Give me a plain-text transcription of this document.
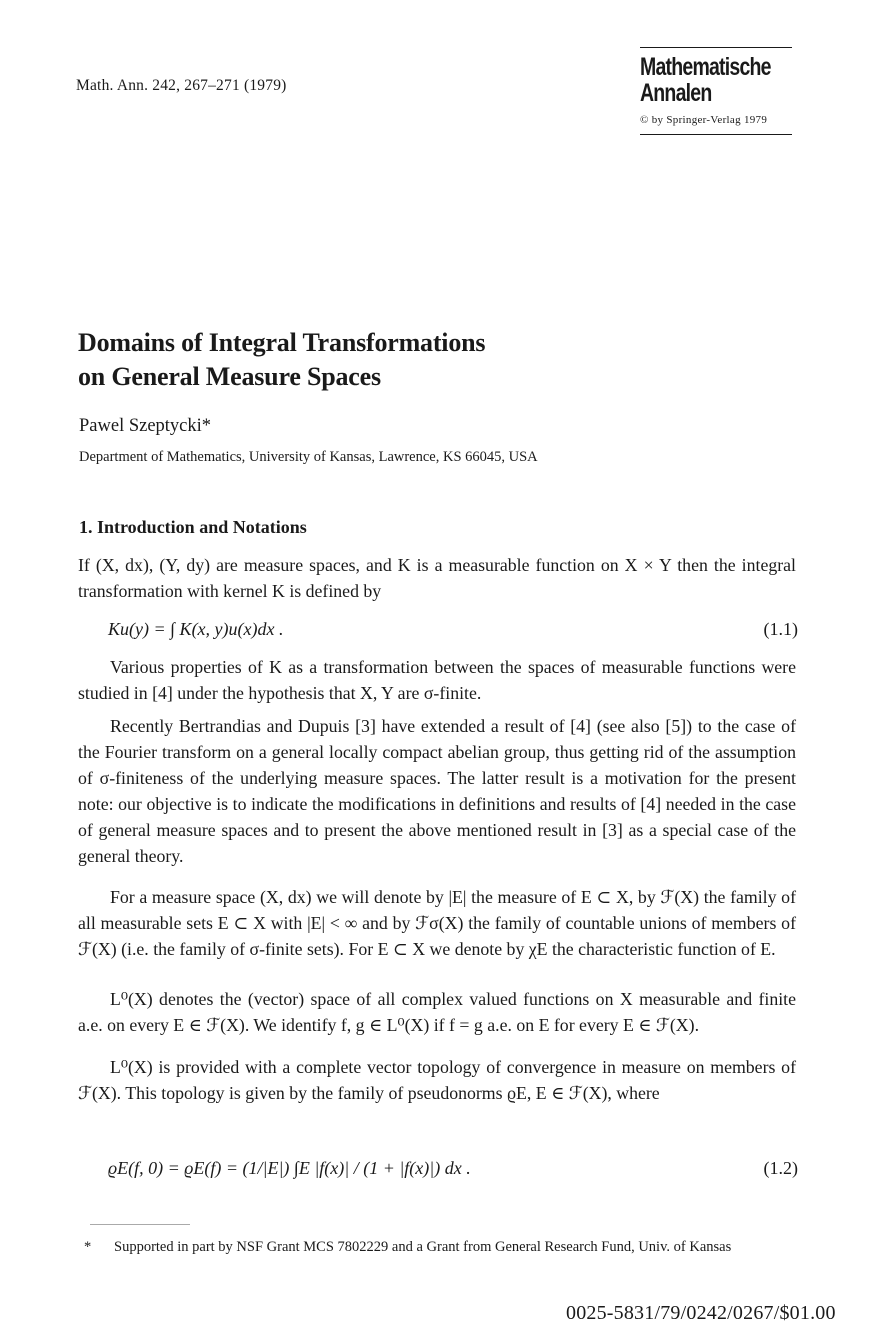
Math. Ann. 242, 267–271 (1979)
Mathematische
Annalen
© by Springer-Verlag 1979
Domains of Integral Transformations
on General Measure Spaces
Pawel Szeptycki*
Department of Mathematics, University of Kansas, Lawrence, KS 66045, USA
1. Introduction and Notations

If (X, dx), (Y, dy) are measure spaces, and K is a measurable function on X × Y then the integral transformation with kernel K is defined by

Ku(y) = ∫ K(x, y)u(x)dx .	(1.1)

Various properties of K as a transformation between the spaces of measurable functions were studied in [4] under the hypothesis that X, Y are σ-finite.

Recently Bertrandias and Dupuis [3] have extended a result of [4] (see also [5]) to the case of the Fourier transform on a general locally compact abelian group, thus getting rid of the assumption of σ-finiteness of the underlying measure spaces. The latter result is a motivation for the present note: our objective is to indicate the modifications in definitions and results of [4] needed in the case of general measure spaces and to present the above mentioned result in [3] as a special case of the general theory.

For a measure space (X, dx) we will denote by |E| the measure of E ⊂ X, by ℱ(X) the family of all measurable sets E ⊂ X with |E| < ∞ and by ℱσ(X) the family of countable unions of members of ℱ(X) (i.e. the family of σ-finite sets). For E ⊂ X we denote by χE the characteristic function of E.

L⁰(X) denotes the (vector) space of all complex valued functions on X measurable and finite a.e. on every E ∈ ℱ(X). We identify f, g ∈ L⁰(X) if f = g a.e. on E for every E ∈ ℱ(X).

L⁰(X) is provided with a complete vector topology of convergence in measure on members of ℱ(X). This topology is given by the family of pseudonorms ϱE, E ∈ ℱ(X), where

ϱE(f, 0) = ϱE(f) = (1/|E|) ∫E |f(x)| / (1 + |f(x)|) dx .	(1.2)
* Supported in part by NSF Grant MCS 7802229 and a Grant from General Research Fund, Univ. of Kansas
0025-5831/79/0242/0267/$01.00
